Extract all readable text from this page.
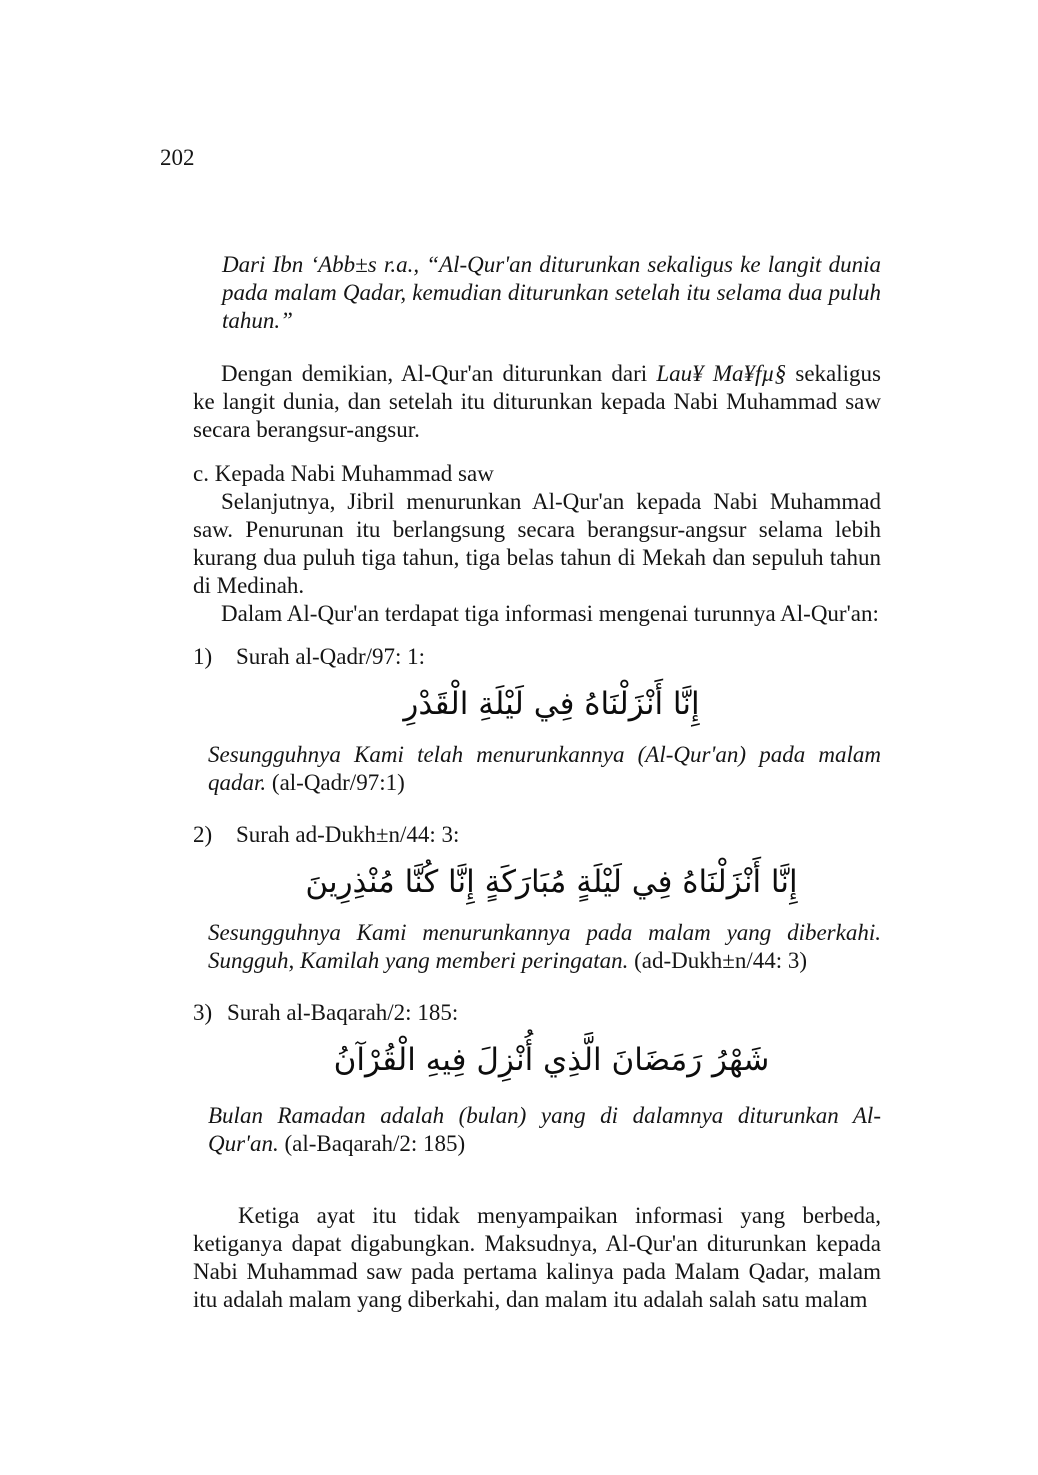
202

Dari Ibn ‘Abb±s r.a., “Al-Qur'an diturunkan sekaligus ke langit dunia pada malam Qadar, kemudian diturunkan setelah itu selama dua puluh tahun.”

Dengan demikian, Al-Qur'an diturunkan dari Lau¥ Ma¥fµ§ sekaligus ke langit dunia, dan setelah itu diturunkan kepada Nabi Muhammad saw secara berangsur-angsur.

c. Kepada Nabi Muhammad saw

Selanjutnya, Jibril menurunkan Al-Qur'an kepada Nabi Muhammad saw. Penurunan itu berlangsung secara berangsur-angsur selama lebih kurang dua puluh tiga tahun, tiga belas tahun di Mekah dan sepuluh tahun di Medinah.

Dalam Al-Qur'an terdapat tiga informasi mengenai turunnya Al-Qur'an:

1) Surah al-Qadr/97: 1:
إِنَّا أَنْزَلْنَاهُ فِي لَيْلَةِ الْقَدْرِ

Sesungguhnya Kami telah menurunkannya (Al-Qur'an) pada malam qadar. (al-Qadr/97:1)

2) Surah ad-Dukh±n/44: 3:
إِنَّا أَنْزَلْنَاهُ فِي لَيْلَةٍ مُبَارَكَةٍ إِنَّا كُنَّا مُنْذِرِينَ

Sesungguhnya Kami menurunkannya pada malam yang diberkahi. Sungguh, Kamilah yang memberi peringatan. (ad-Dukh±n/44: 3)

3) Surah al-Baqarah/2: 185:
شَهْرُ رَمَضَانَ الَّذِي أُنْزِلَ فِيهِ الْقُرْآنُ

Bulan Ramadan adalah (bulan) yang di dalamnya diturunkan Al-Qur'an. (al-Baqarah/2: 185)

Ketiga ayat itu tidak menyampaikan informasi yang berbeda, ketiganya dapat digabungkan. Maksudnya, Al-Qur'an diturunkan kepada Nabi Muhammad saw pada pertama kalinya pada Malam Qadar, malam itu adalah malam yang diberkahi, dan malam itu adalah salah satu malam
